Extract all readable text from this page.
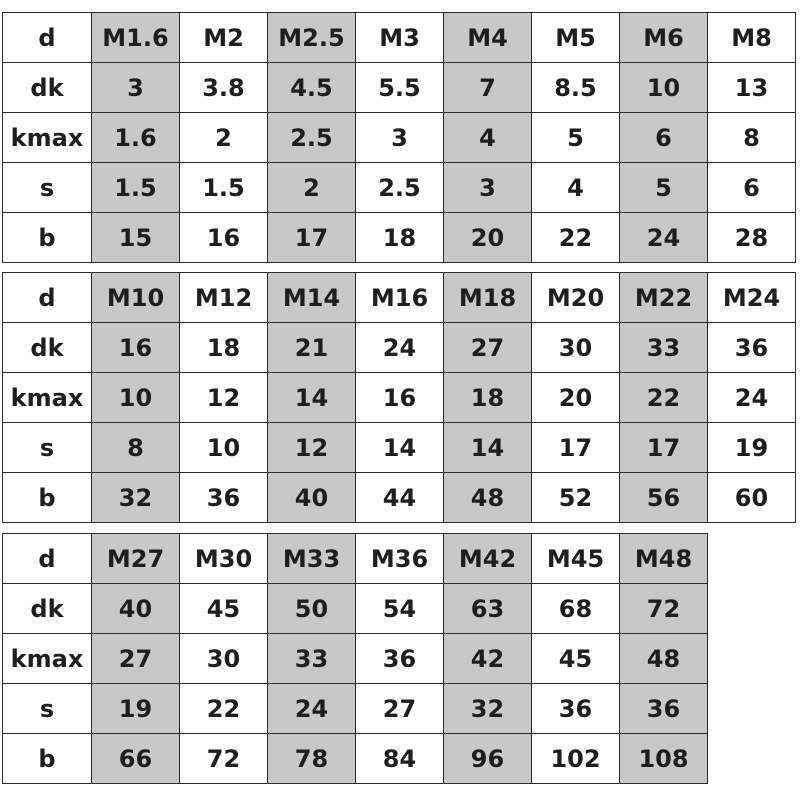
d	M1.6	M2	M2.5	M3	M4	M5	M6	M8
dk	3	3.8	4.5	5.5	7	8.5	10	13
kmax	1.6	2	2.5	3	4	5	6	8
s	1.5	1.5	2	2.5	3	4	5	6
b	15	16	17	18	20	22	24	28
d	M10	M12	M14	M16	M18	M20	M22	M24
dk	16	18	21	24	27	30	33	36
kmax	10	12	14	16	18	20	22	24
s	8	10	12	14	14	17	17	19
b	32	36	40	44	48	52	56	60
d	M27	M30	M33	M36	M42	M45	M48
dk	40	45	50	54	63	68	72
kmax	27	30	33	36	42	45	48
s	19	22	24	27	32	36	36
b	66	72	78	84	96	102	108
